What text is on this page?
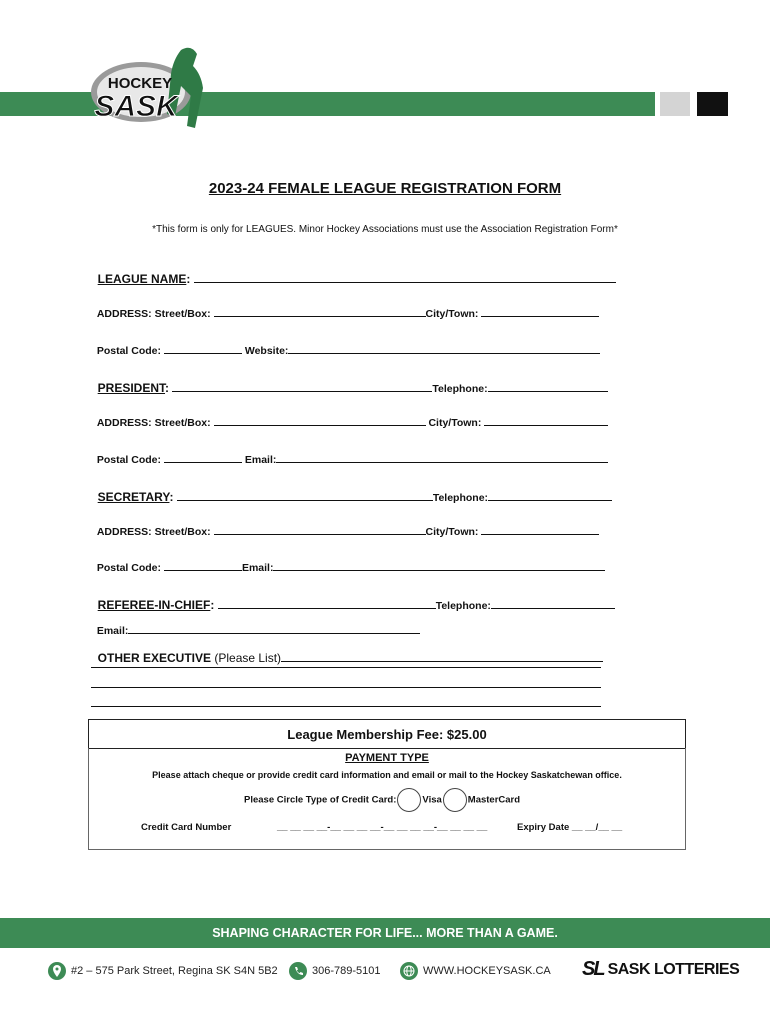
HOCKEY
SASK
2023-24 FEMALE LEAGUE REGISTRATION FORM
*This form is only for LEAGUES. Minor Hockey Associations must use the Association Registration Form*

LEAGUE NAME:

ADDRESS: Street/Box:	City/Town:

Postal Code:	Website:

PRESIDENT:	Telephone:

ADDRESS: Street/Box:	City/Town:

Postal Code:	Email:

SECRETARY:	Telephone:

ADDRESS: Street/Box:	City/Town:

Postal Code:	Email:

REFEREE-IN-CHIEF:	Telephone:

Email:

OTHER EXECUTIVE (Please List)

League Membership Fee: $25.00
PAYMENT TYPE
Please attach cheque or provide credit card information and email or mail to the Hockey Saskatchewan office.
Please Circle Type of Credit Card:	Visa	MasterCard
Credit Card Number	__ __ __ __-__ __ __ __-__ __ __ __-__ __ __ __	Expiry Date __ __/__ __
SHAPING CHARACTER FOR LIFE... MORE THAN A GAME.
#2 – 575 Park Street, Regina SK S4N 5B2	306-789-5101	WWW.HOCKEYSASK.CA SL SASK LOTTERIES
